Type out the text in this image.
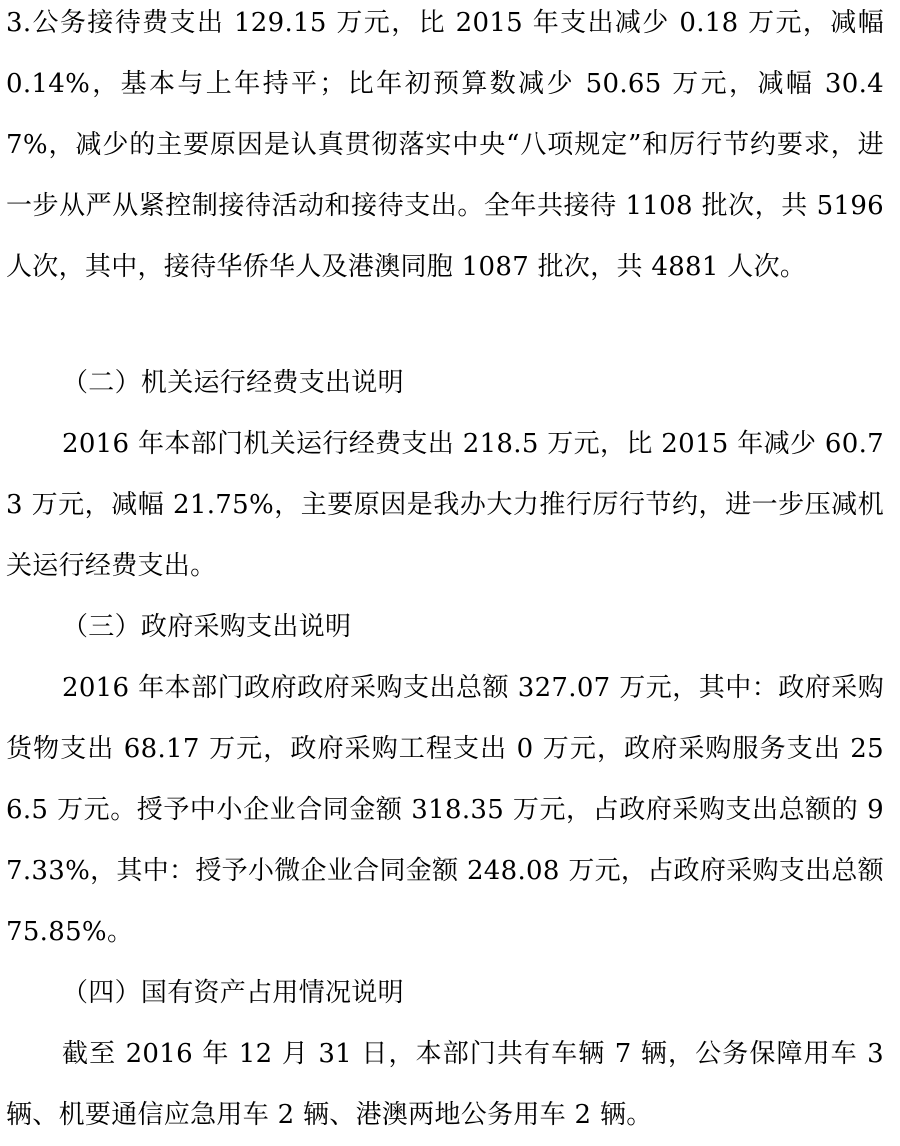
3.公务接待费支出 129.15 万元，比 2015 年支出减少 0.18 万元，减幅 0.14%，基本与上年持平；比年初预算数减少 50.65 万元，减幅 30.47%，减少的主要原因是认真贯彻落实中央“八项规定”和厉行节约要求，进一步从严从紧控制接待活动和接待支出。全年共接待 1108 批次，共 5196 人次，其中，接待华侨华人及港澳同胞 1087 批次，共 4881 人次。

（二）机关运行经费支出说明

2016 年本部门机关运行经费支出 218.5 万元，比 2015 年减少 60.73 万元，减幅 21.75%，主要原因是我办大力推行厉行节约，进一步压减机关运行经费支出。

（三）政府采购支出说明

2016 年本部门政府政府采购支出总额 327.07 万元，其中：政府采购货物支出 68.17 万元，政府采购工程支出 0 万元，政府采购服务支出 256.5 万元。授予中小企业合同金额 318.35 万元，占政府采购支出总额的 97.33%，其中：授予小微企业合同金额 248.08 万元，占政府采购支出总额 75.85%。

（四）国有资产占用情况说明

截至 2016 年 12 月 31 日，本部门共有车辆 7 辆，公务保障用车 3 辆、机要通信应急用车 2 辆、港澳两地公务用车 2 辆。
